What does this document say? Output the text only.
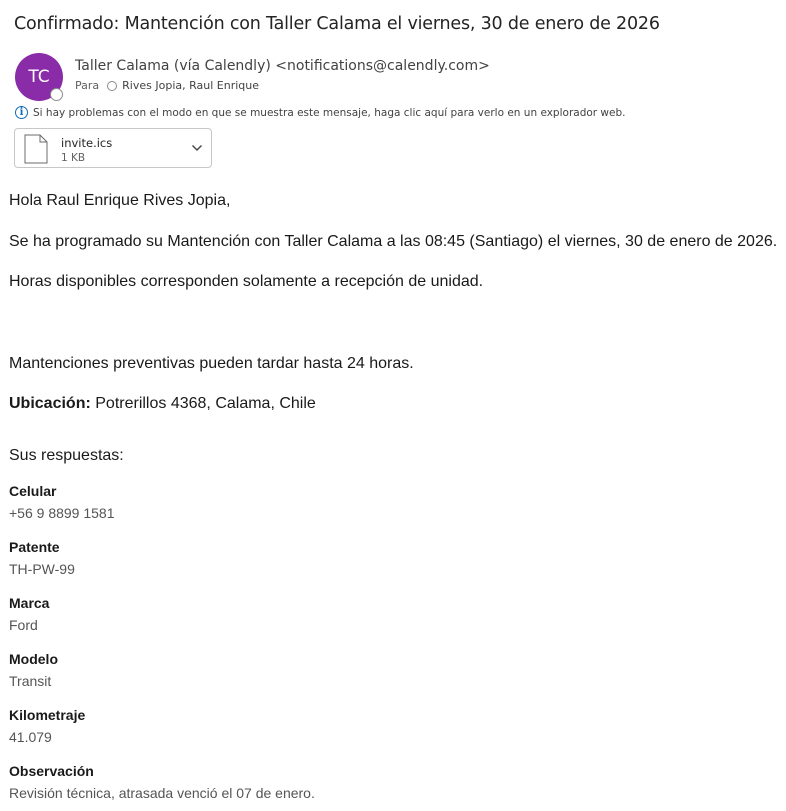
Confirmado: Mantención con Taller Calama el viernes, 30 de enero de 2026
TC
Taller Calama (vía Calendly) <notifications@calendly.com>
Para Rives Jopia, Raul Enrique
i Si hay problemas con el modo en que se muestra este mensaje, haga clic aquí para verlo en un explorador web.
invite.ics
1 KB
Hola Raul Enrique Rives Jopia,
Se ha programado su Mantención con Taller Calama a las 08:45 (Santiago) el viernes, 30 de enero de 2026.
Horas disponibles corresponden solamente a recepción de unidad.
Mantenciones preventivas pueden tardar hasta 24 horas.
Ubicación: Potrerillos 4368, Calama, Chile
Sus respuestas:
Celular
+56 9 8899 1581
Patente
TH-PW-99
Marca
Ford
Modelo
Transit
Kilometraje
41.079
Observación
Revisión técnica, atrasada venció el 07 de enero.
